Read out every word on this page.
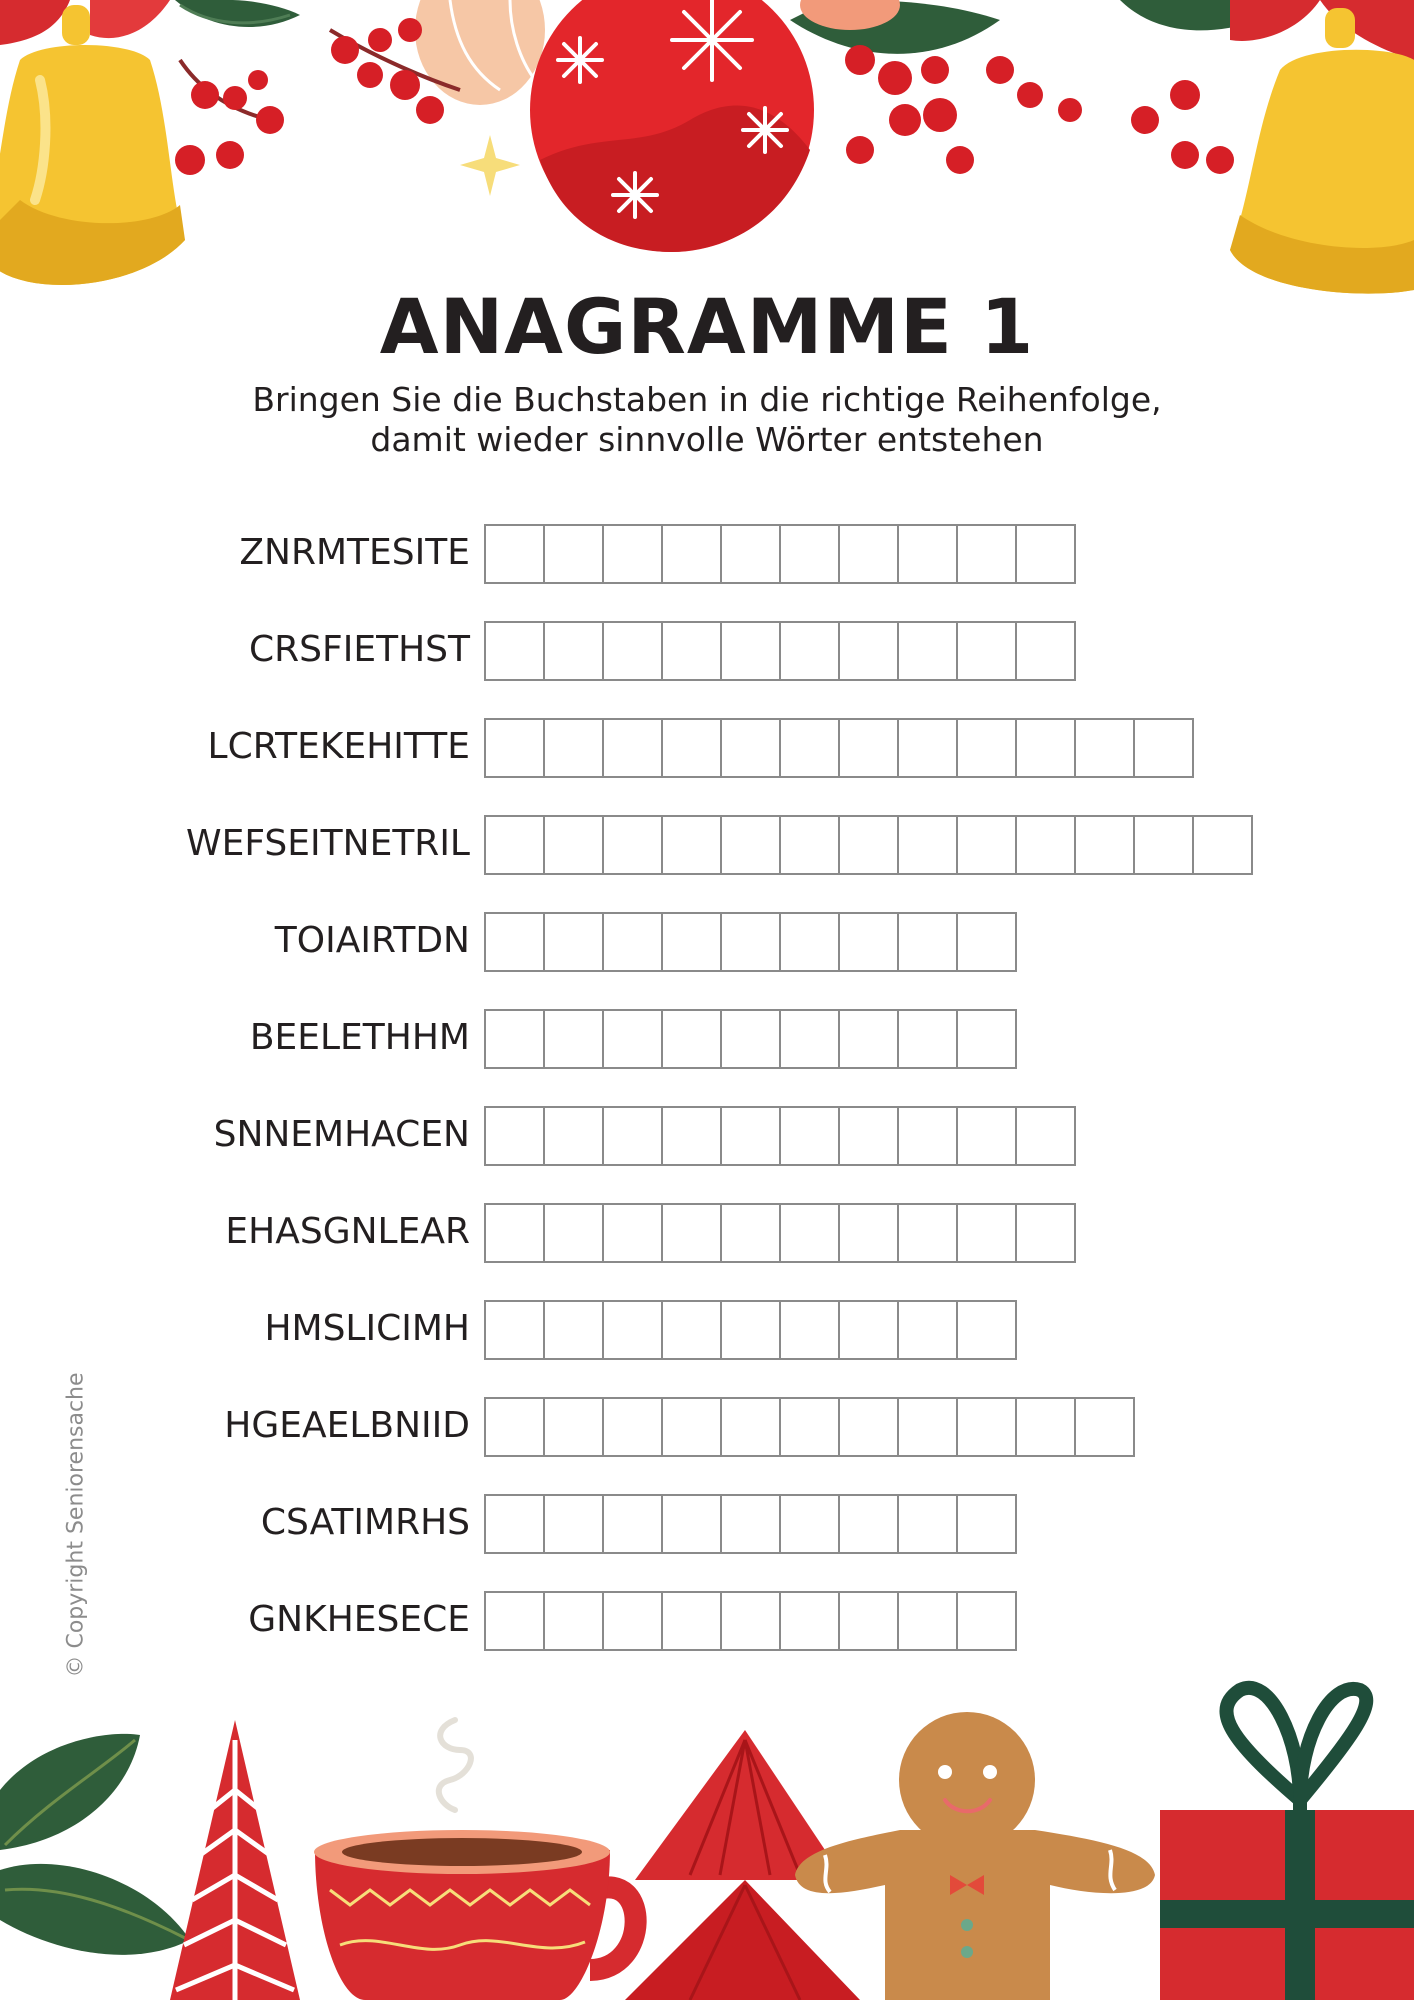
ANAGRAMME 1
Bringen Sie die Buchstaben in die richtige Reihenfolge,
damit wieder sinnvolle Wörter entstehen
ZNRMTESITE
CRSFIETHST
LCRTEKEHITTE
WEFSEITNETRIL
TOIAIRTDN
BEELETHHM
SNNEMHACEN
EHASGNLEAR
HMSLICIMH
HGEAELBNIID
CSATIMRHS
GNKHESECE
© Copyright Seniorensache
